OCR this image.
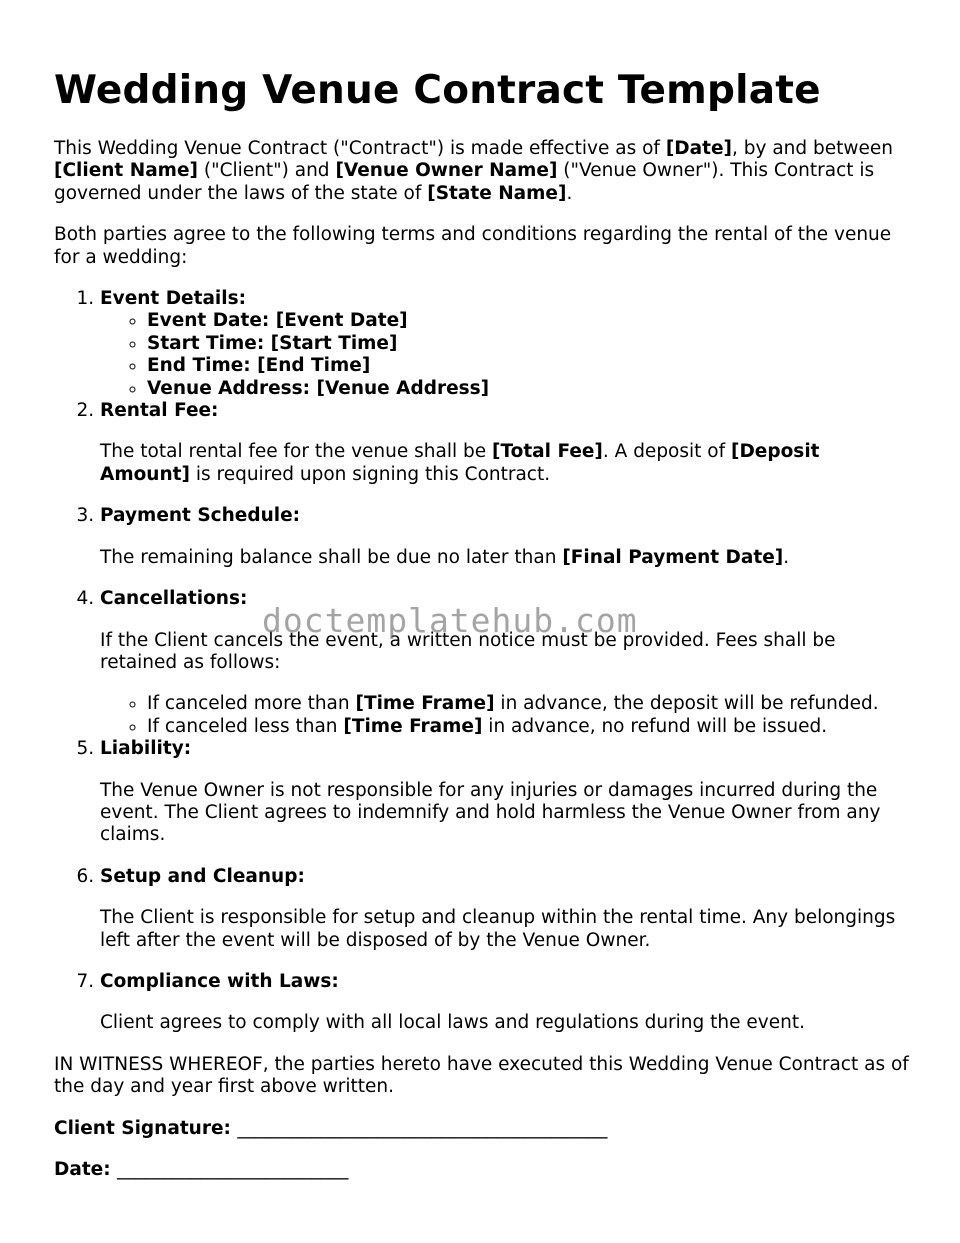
Wedding Venue Contract Template

This Wedding Venue Contract ("Contract") is made effective as of [Date], by and between [Client Name] ("Client") and [Venue Owner Name] ("Venue Owner"). This Contract is governed under the laws of the state of [State Name].

Both parties agree to the following terms and conditions regarding the rental of the venue for a wedding:

1. Event Details:
◦ Event Date: [Event Date]
◦ Start Time: [Start Time]
◦ End Time: [End Time]
◦ Venue Address: [Venue Address]
2. Rental Fee:

The total rental fee for the venue shall be [Total Fee]. A deposit of [Deposit Amount] is required upon signing this Contract.

3. Payment Schedule:

The remaining balance shall be due no later than [Final Payment Date].

4. Cancellations:

If the Client cancels the event, a written notice must be provided. Fees shall be retained as follows:

◦ If canceled more than [Time Frame] in advance, the deposit will be refunded.
◦ If canceled less than [Time Frame] in advance, no refund will be issued.
5. Liability:

The Venue Owner is not responsible for any injuries or damages incurred during the event. The Client agrees to indemnify and hold harmless the Venue Owner from any claims.

6. Setup and Cleanup:

The Client is responsible for setup and cleanup within the rental time. Any belongings left after the event will be disposed of by the Venue Owner.

7. Compliance with Laws:

Client agrees to comply with all local laws and regulations during the event.

IN WITNESS WHEREOF, the parties hereto have executed this Wedding Venue Contract as of the day and year first above written.

Client Signature: ________________________________________

Date: _________________________

doctemplatehub.com
